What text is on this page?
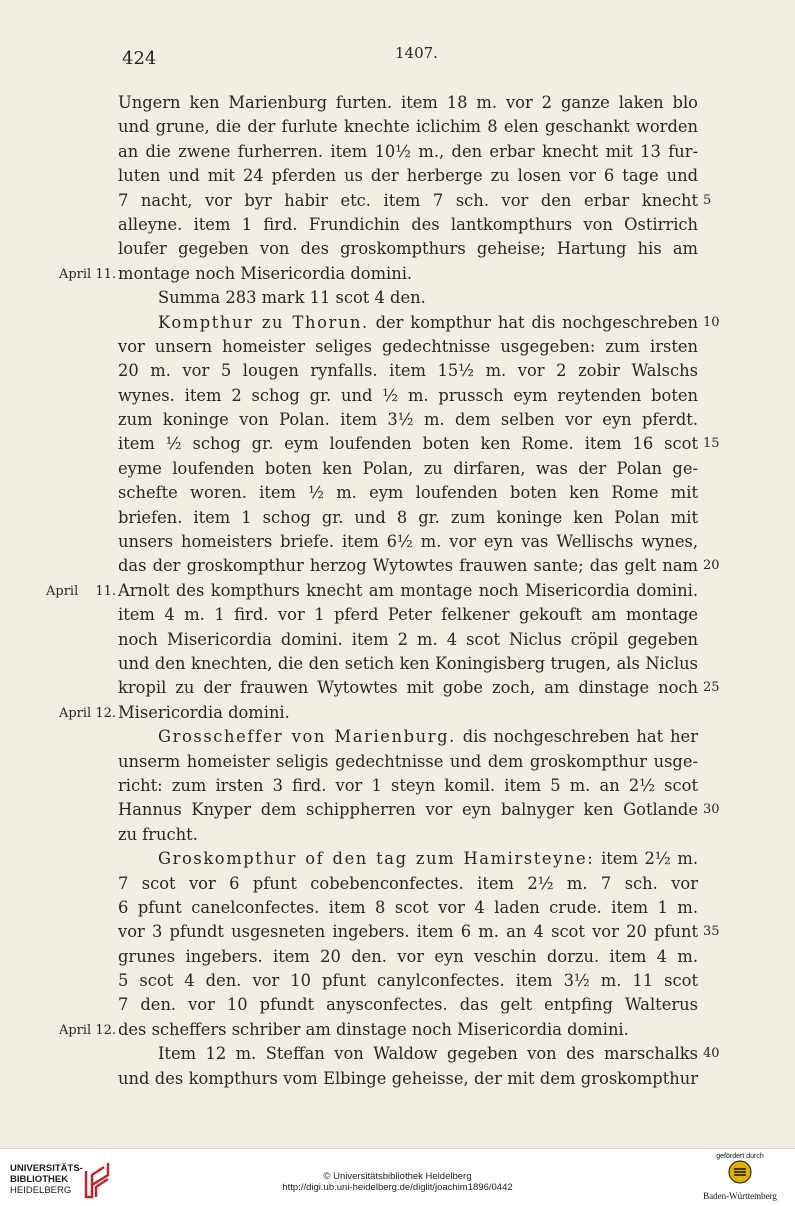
424	1407.
Ungern ken Marienburg furten. item 18 m. vor 2 ganze laken blo
und grune, die der furlute knechte iclichim 8 elen geschankt worden
an die zwene furherren. item 10½ m., den erbar knecht mit 13 fur-
luten und mit 24 pferden us der herberge zu losen vor 6 tage und
7 nacht, vor byr habir etc. item 7 sch. vor den erbar knecht 5
alleyne. item 1 fird. Frundichin des lantkompthurs von Ostirrich
loufer gegeben von des groskompthurs geheise; Hartung his am
montage noch Misericordia domini.
April 11.
Summa 283 mark 11 scot 4 den.
Kompthur zu Thorun. der kompthur hat dis nochgeschreben 10
vor unsern homeister seliges gedechtnisse usgegeben: zum irsten
20 m. vor 5 lougen rynfalls. item 15½ m. vor 2 zobir Walschs
wynes. item 2 schog gr. und ½ m. prussch eym reytenden boten
zum koninge von Polan. item 3½ m. dem selben vor eyn pferdt.
item ½ schog gr. eym loufenden boten ken Rome. item 16 scot 15
eyme loufenden boten ken Polan, zu dirfaren, was der Polan ge-
schefte woren. item ½ m. eym loufenden boten ken Rome mit
briefen. item 1 schog gr. und 8 gr. zum koninge ken Polan mit
unsers homeisters briefe. item 6½ m. vor eyn vas Wellischs wynes,
das der groskompthur herzog Wytowtes frauwen sante; das gelt nam 20
Arnolt des kompthurs knecht am montage noch Misericordia domini.
April 11.
item 4 m. 1 fird. vor 1 pferd Peter felkener gekouft am montage
noch Misericordia domini. item 2 m. 4 scot Niclus cröpil gegeben
und den knechten, die den setich ken Koningisberg trugen, als Niclus
kropil zu der frauwen Wytowtes mit gobe zoch, am dinstage noch 25
Misericordia domini.
April 12.
Grosscheffer von Marienburg. dis nochgeschreben hat her
unserm homeister seligis gedechtnisse und dem groskompthur usge-
richt: zum irsten 3 fird. vor 1 steyn komil. item 5 m. an 2½ scot
Hannus Knyper dem schippherren vor eyn balnyger ken Gotlande 30
zu frucht.
Groskompthur of den tag zum Hamirsteyne: item 2½ m.
7 scot vor 6 pfunt cobebenconfectes. item 2½ m. 7 sch. vor
6 pfunt canelconfectes. item 8 scot vor 4 laden crude. item 1 m.
vor 3 pfundt usgesneten ingebers. item 6 m. an 4 scot vor 20 pfunt 35
grunes ingebers. item 20 den. vor eyn veschin dorzu. item 4 m.
5 scot 4 den. vor 10 pfunt canylconfectes. item 3½ m. 11 scot
7 den. vor 10 pfundt anysconfectes. das gelt entpfing Walterus
des scheffers schriber am dinstage noch Misericordia domini.
April 12.
Item 12 m. Steffan von Waldow gegeben von des marschalks 40
und des kompthurs vom Elbinge geheisse, der mit dem groskompthur
UNIVERSITÄTS-
BIBLIOTHEK
HEIDELBERG
© Universitätsbibliothek Heidelberg
http://digi.ub.uni-heidelberg.de/diglit/joachim1896/0442
gefördert durch
Baden-Württemberg
